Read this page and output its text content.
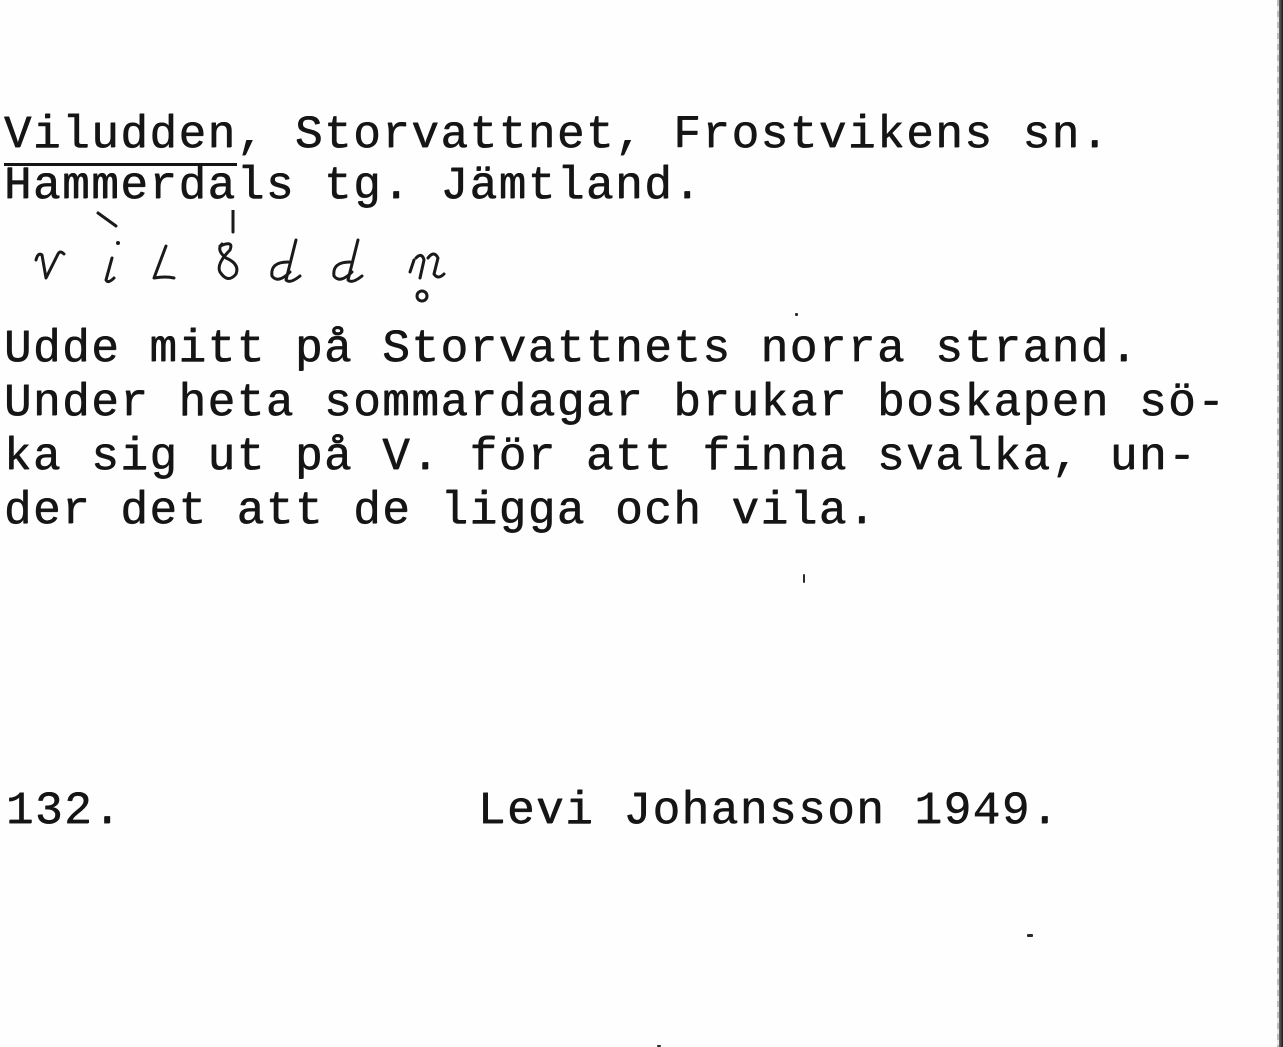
Viludden, Storvattnet, Frostvikens sn.
Hammerdals tg. Jämtland.
Udde mitt på Storvattnets norra strand.
Under heta sommardagar brukar boskapen sö-
ka sig ut på V. för att finna svalka, un-
der det att de ligga och vila.
132.	Levi Johansson 1949.
